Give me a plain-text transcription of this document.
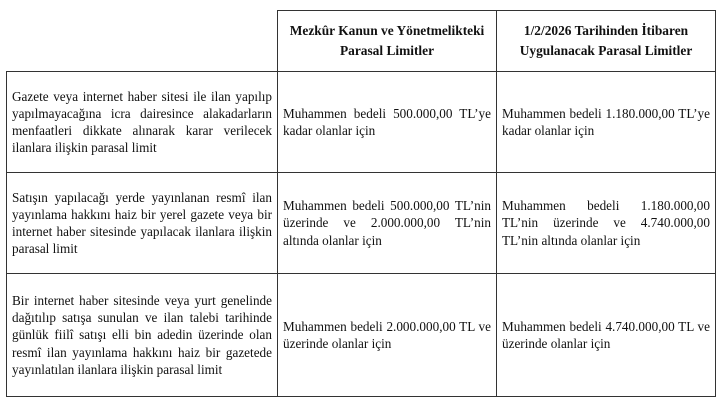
	Mezkûr Kanun ve Yönetmelikteki Parasal Limitler	1/2/2026 Tarihinden İtibaren Uygulanacak Parasal Limitler
Gazete veya internet haber sitesi ile ilan yapılıp yapılmayacağına icra dairesince alakadarların menfaatleri dikkate alınarak karar verilecek ilanlara ilişkin parasal limit	Muhammen bedeli 500.000,00 TL’ye kadar olanlar için	Muhammen bedeli 1.180.000,00 TL’ye kadar olanlar için
Satışın yapılacağı yerde yayınlanan resmî ilan yayınlama hakkını haiz bir yerel gazete veya bir internet haber sitesinde yapılacak ilanlara ilişkin parasal limit	Muhammen bedeli 500.000,00 TL’nin üzerinde ve 2.000.000,00 TL’nin altında olanlar için	Muhammen bedeli 1.180.000,00 TL’nin üzerinde ve 4.740.000,00 TL’nin altında olanlar için
Bir internet haber sitesinde veya yurt genelinde dağıtılıp satışa sunulan ve ilan talebi tarihinde günlük fiilî satışı elli bin adedin üzerinde olan resmî ilan yayınlama hakkını haiz bir gazetede yayınlatılan ilanlara ilişkin parasal limit	Muhammen bedeli 2.000.000,00 TL ve üzerinde olanlar için	Muhammen bedeli 4.740.000,00 TL ve üzerinde olanlar için
